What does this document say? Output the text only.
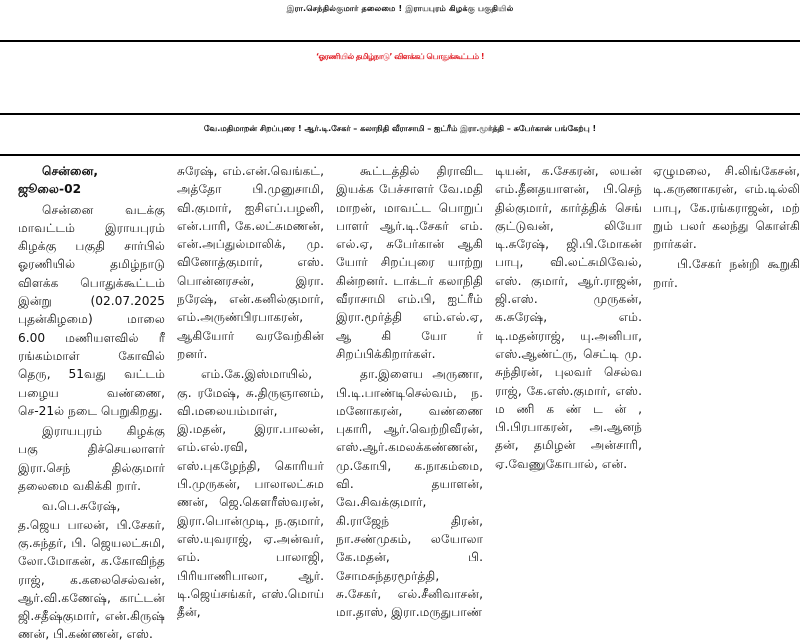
இரா.செந்தில்குமார் தலைமை ! இராயபுரம் கிழக்கு பகுதியில்
‘ஓரணியில் தமிழ்நாடு’ விளக்கப் பொதுக்கூட்டம் !
வே.மதிமாறன் சிறப்புரை ! ஆர்.டி.சேகர் – கலாநிதி வீராசாமி – ஐட்ரீம் இரா.மூர்த்தி – சுபேர்கான் பங்கேற்பு !

சென்னை, ஜூலை-02

சென்னை வடக்கு மாவட்டம் இராயபுரம் கிழக்கு பகுதி சார்பில் ஓரணியில் தமிழ்நாடு விளக்க பொதுக்கூட்டம் இன்று (02.07.2025 புதன்கிழமை) மாலை 6.00 மணியளவில் ரீ ரங்கம்மாள் கோவில் தெரு, 51வது வட்டம் பழைய வண்ணை, செ-21ல் நடை பெறுகிறது.

இராயபுரம் கிழக்கு பகு திச்செயலாளர் இரா.செந் தில்குமார் தலைமை வகிக்கி றார்.

வ.பெ.சுரேஷ், த.ஜெய பாலன், பி.சேகர், கு.சுந்தர், பி. ஜெயலட்சுமி, லோ.மோகன், க.கோவிந்த ராஜ், க.கலைசெல்வன், ஆர்.வி.கணேஷ், காட்டன் ஜி.சதீஷ்குமார், என்.கிருஷ் ணன், பி.கண்ணன், எஸ்.

சுரேஷ், எம்.என்.வெங்கட், அத்தோ பி.முனுசாமி, வி.குமார், ஐசிஎப்.பழனி, என்.பாரி, கே.லட்சுமணன், என்.அப்துல்மாலிக், மு. வினோத்குமார், எஸ். பொன்னரசன், இரா. நரேஷ், என்.கனில்குமார், எம்.அருண்பிரபாகரன், ஆகியோர் வரவேற்கின் றனர்.

எம்.கே.இஸ்மாயில், கு. ரமேஷ், சு.திருஞானம், வி.மலையம்மாள், இ.மதன், இரா.பாலன், எம்.எல்.ரவி, எஸ்.புகழேந்தி, கொரியர் பி.முருகன், பாலாலட்சும ணன், ஜெ.கௌரீஸ்வரன், இரா.பொன்முடி, ந.குமார், எஸ்.யுவராஜ், ஏ.அன்வர், எம். பாலாஜி, பிரியாணிபாலா, ஆர். டி.ஜெய்சங்கர், எஸ்.மொய் தீன்,

கூட்டத்தில் திராவிட இயக்க பேச்சாளர் வே.மதி மாறன், மாவட்ட பொறுப் பாளர் ஆர்.டி.சேகர் எம். எல்.ஏ, சுபேர்கான் ஆகி யோர் சிறப்புரை யாற்று கின்றனர். டாக்டர் கலாநிதி வீராசாமி எம்.பி, ஐட்ரீம் இரா.மூர்த்தி எம்.எல்.ஏ, ஆ கி யோ ர் சிறப்பிக்கிறார்கள்.

தா.இளைய அருணா, பி.டி.பாண்டிசெல்வம், ந. மனோகரன், வண்ணை புகாரி, ஆர்.வெற்றிவீரன், எஸ்.ஆர்.கமலக்கண்ணன், மு.கோபி, க.நாகம்மை, வி. தயாளன், வே.சிவக்குமார், கி.ராஜேந் திரன், நா.சண்முகம், லயோலா கே.மதன், பி. சோமசுந்தரமூர்த்தி, சு.சேகர், எல்.சீனிவாசன், மா.தாஸ், இரா.மருதுபாண்

டியன், க.சேகரன், லயன் எம்.தீனதயாளன், பி.செந் தில்குமார், கார்த்திக் செங் குட்டுவன், லியோ டி.சுரேஷ், ஜி.பி.மோகன் பாபு, வி.லட்சுமிவேல், எஸ். குமார், ஆர்.ராஜன், ஜி.எஸ். முருகன், க.சுரேஷ், எம். டி.மதன்ராஜ், யு.அனிபா, எஸ்.ஆண்ட்ரு, செட்டி மு. சுந்திரன், புலவர் செல்வ ராஜ், கே.எஸ்.குமார், எஸ். ம ணி க ண் ட ன் , பி.பிரபாகரன், அ.ஆனந் தன், தமிழன் அன்சாரி, ஏ.வேணுகோபால், என்.

ஏழுமலை, சி.லிங்கேசன், டி.கருணாகரன், எம்.டில்லி பாபு, கே.ரங்கராஜன், மற் றும் பலர் கலந்து கொள்கி றார்கள்.

பி.சேகர் நன்றி கூறுகி றார்.
